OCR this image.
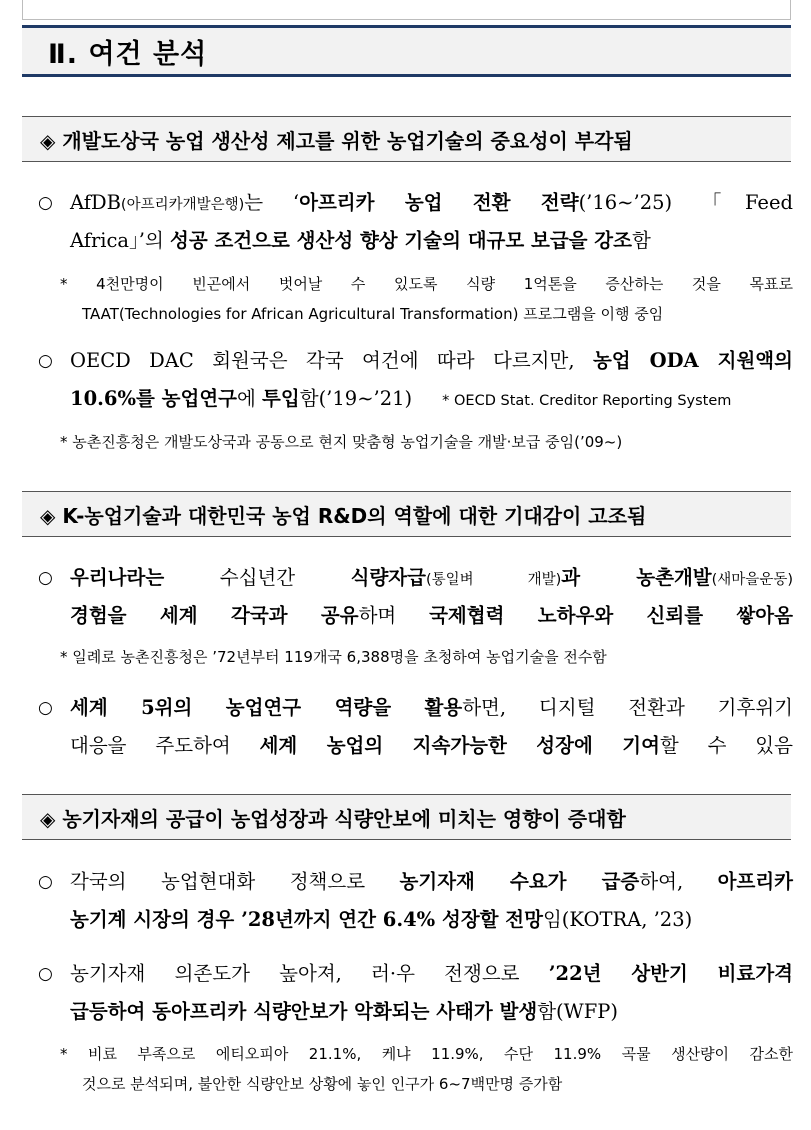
Ⅱ. 여건 분석
◈ 개발도상국 농업 생산성 제고를 위한 농업기술의 중요성이 부각됨
○ AfDB(아프리카개발은행)는 ‘아프리카 농업 전환 전략(’16∼’25) 「Feed
Africa」’의 성공 조건으로 생산성 향상 기술의 대규모 보급을 강조함
* 4천만명이 빈곤에서 벗어날 수 있도록 식량 1억톤을 증산하는 것을 목표로
TAAT(Technologies for African Agricultural Transformation) 프로그램을 이행 중임
○ OECD DAC 회원국은 각국 여건에 따라 다르지만, 농업 ODA 지원액의
10.6%를 농업연구에 투입함(’19∼’21) * OECD Stat. Creditor Reporting System
* 농촌진흥청은 개발도상국과 공동으로 현지 맞춤형 농업기술을 개발·보급 중임(’09~)
◈ K-농업기술과 대한민국 농업 R&D의 역할에 대한 기대감이 고조됨
○ 우리나라는 수십년간 식량자급(통일벼 개발)과 농촌개발(새마을운동)
경험을 세계 각국과 공유하며 국제협력 노하우와 신뢰를 쌓아옴
* 일례로 농촌진흥청은 ’72년부터 119개국 6,388명을 초청하여 농업기술을 전수함
○ 세계 5위의 농업연구 역량을 활용하면, 디지털 전환과 기후위기
대응을 주도하여 세계 농업의 지속가능한 성장에 기여할 수 있음
◈ 농기자재의 공급이 농업성장과 식량안보에 미치는 영향이 증대함
○ 각국의 농업현대화 정책으로 농기자재 수요가 급증하여, 아프리카
농기계 시장의 경우 ’28년까지 연간 6.4% 성장할 전망임(KOTRA, ’23)
○ 농기자재 의존도가 높아져, 러·우 전쟁으로 ’22년 상반기 비료가격
급등하여 동아프리카 식량안보가 악화되는 사태가 발생함(WFP)
* 비료 부족으로 에티오피아 21.1%, 케냐 11.9%, 수단 11.9% 곡물 생산량이 감소한
것으로 분석되며, 불안한 식량안보 상황에 놓인 인구가 6~7백만명 증가함
